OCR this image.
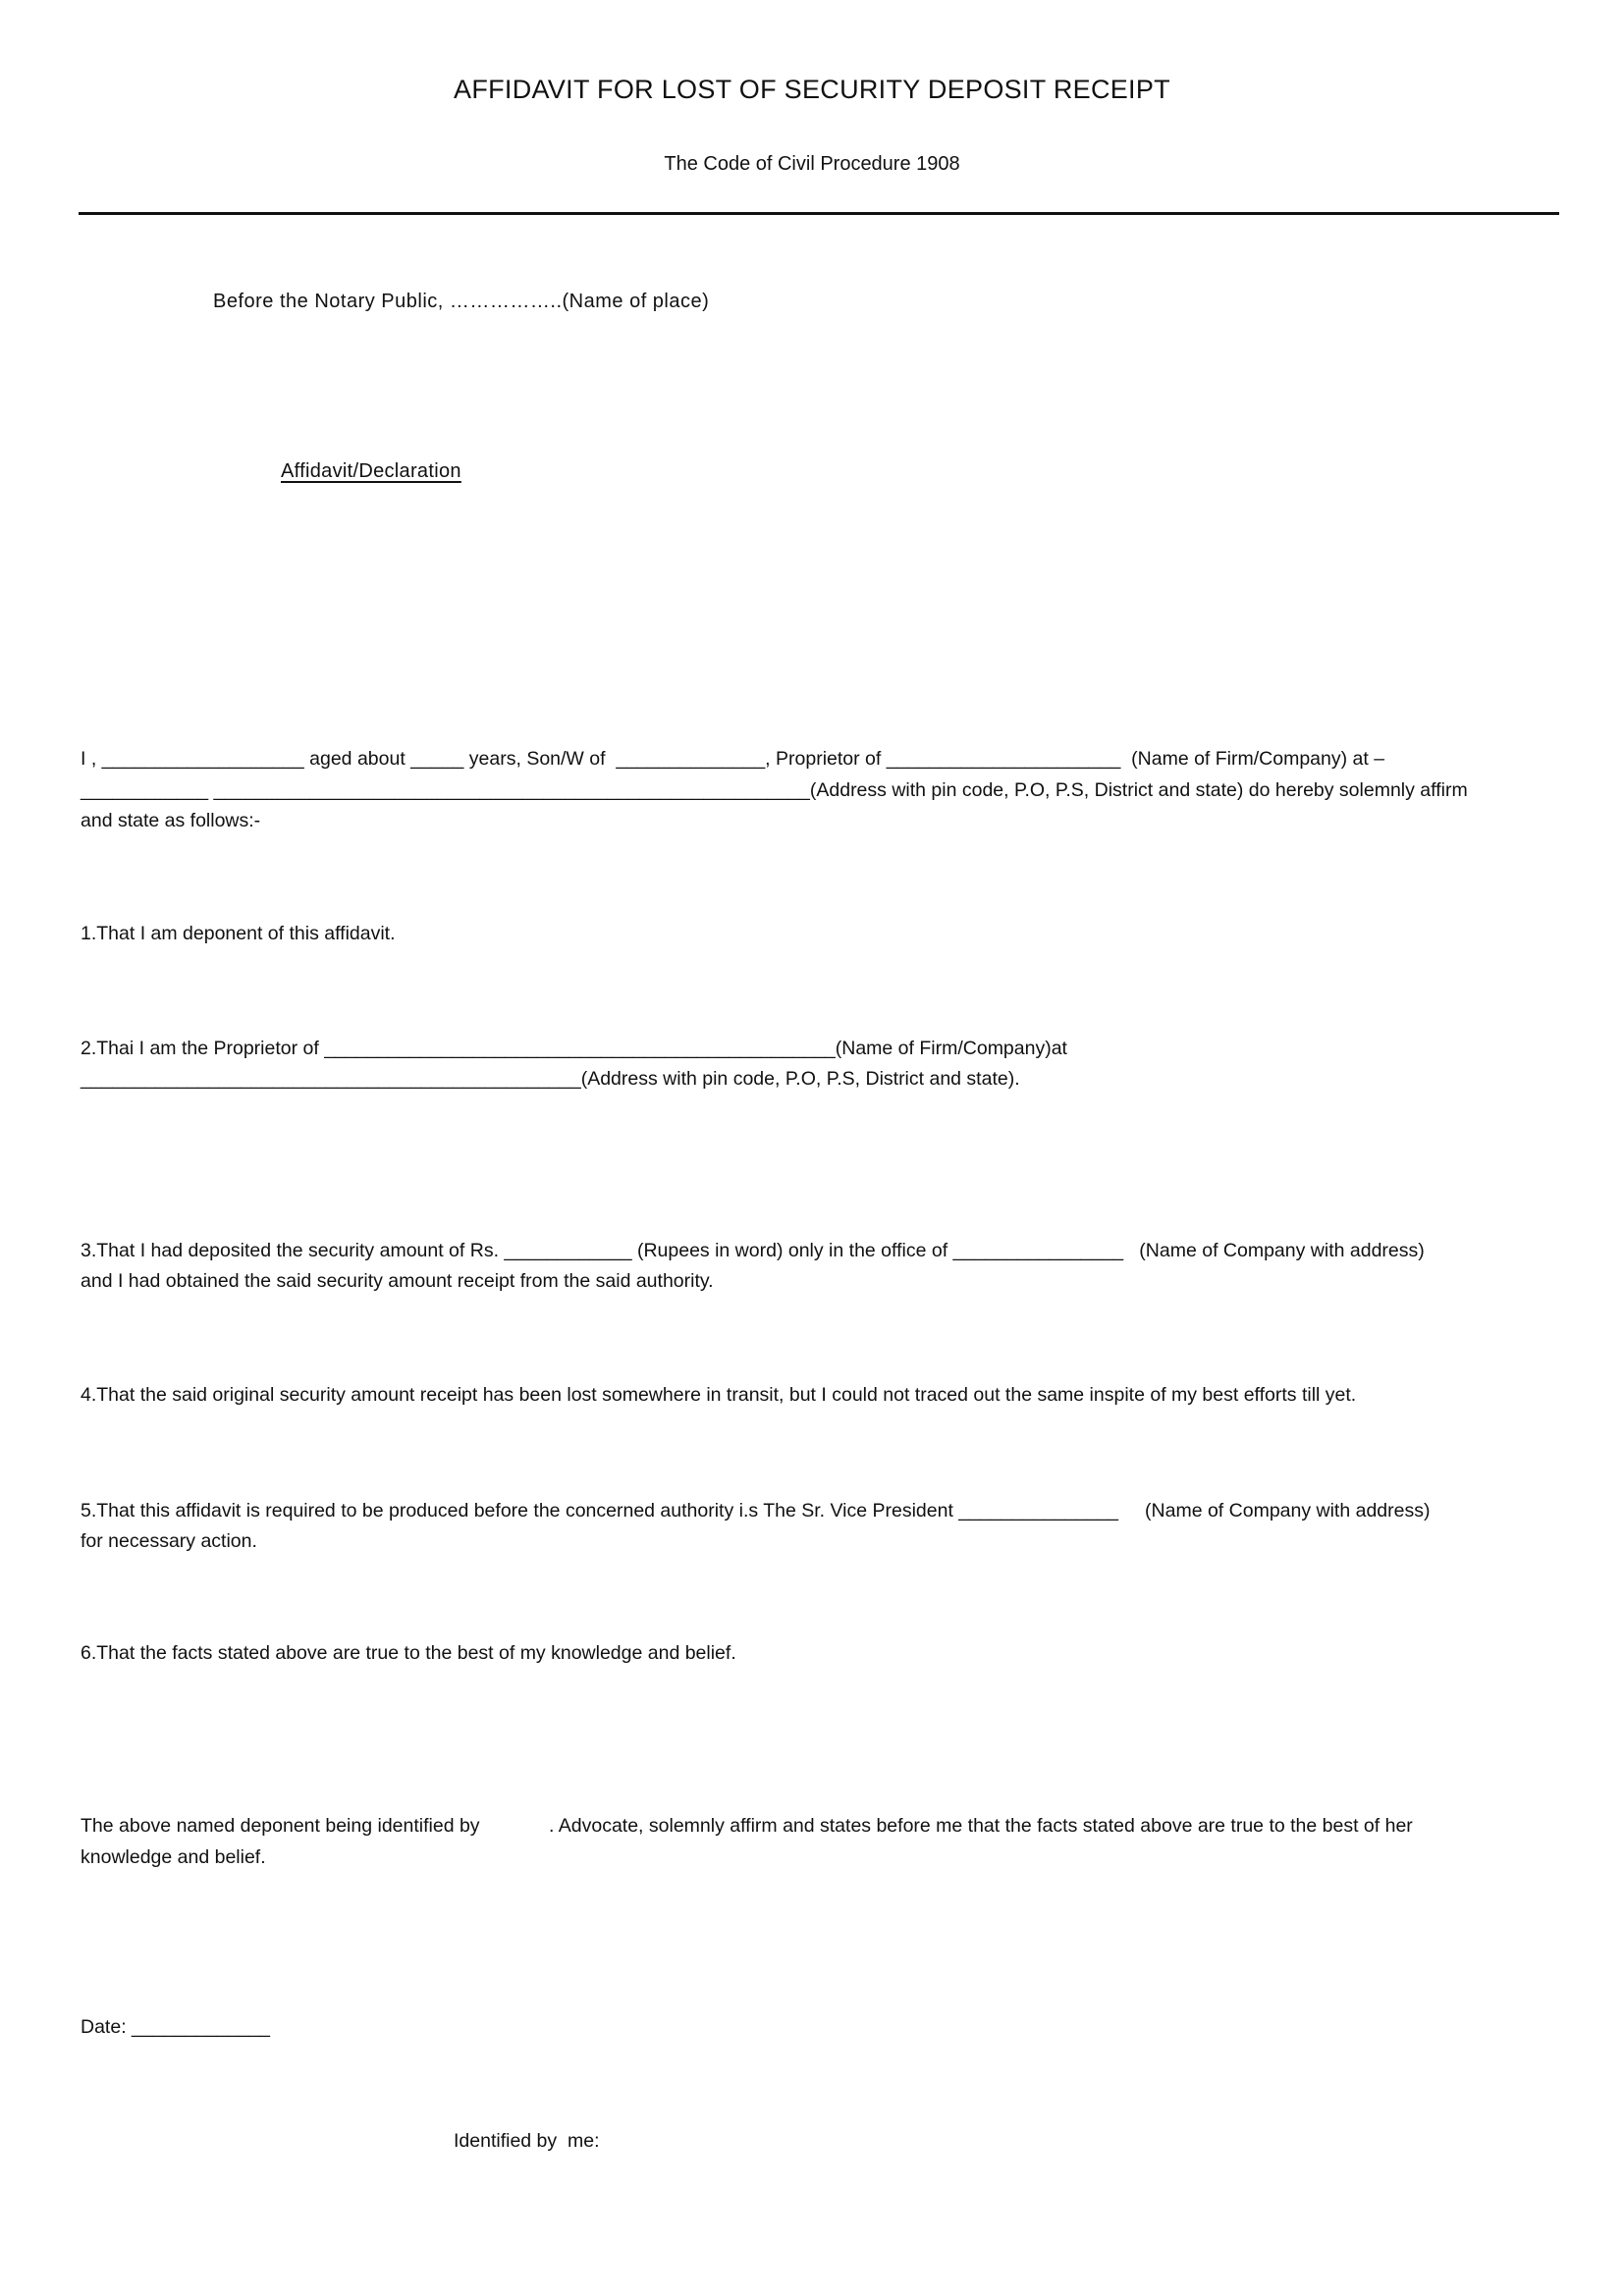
AFFIDAVIT FOR LOST OF SECURITY DEPOSIT RECEIPT
The Code of Civil Procedure 1908
Before the Notary Public, ……………..(Name of place)
Affidavit/Declaration
I , ___________________ aged about _____ years, Son/W of  ______________, Proprietor of ______________________  (Name of Firm/Company) at –
____________ ________________________________________________________(Address with pin code, P.O, P.S, District and state) do hereby solemnly affirm
and state as follows:-
1.That I am deponent of this affidavit.
2.Thai I am the Proprietor of ________________________________________________(Name of Firm/Company)at
_______________________________________________(Address with pin code, P.O, P.S, District and state).
3.That I had deposited the security amount of Rs. ____________ (Rupees in word) only in the office of ________________   (Name of Company with address)
and I had obtained the said security amount receipt from the said authority.
4.That the said original security amount receipt has been lost somewhere in transit, but I could not traced out the same inspite of my best efforts till yet.
5.That this affidavit is required to be produced before the concerned authority i.s The Sr. Vice President _______________     (Name of Company with address)
for necessary action.
6.That the facts stated above are true to the best of my knowledge and belief.
The above named deponent being identified by             . Advocate, solemnly affirm and states before me that the facts stated above are true to the best of her
knowledge and belief.
Date: _____________
Identified by  me:
